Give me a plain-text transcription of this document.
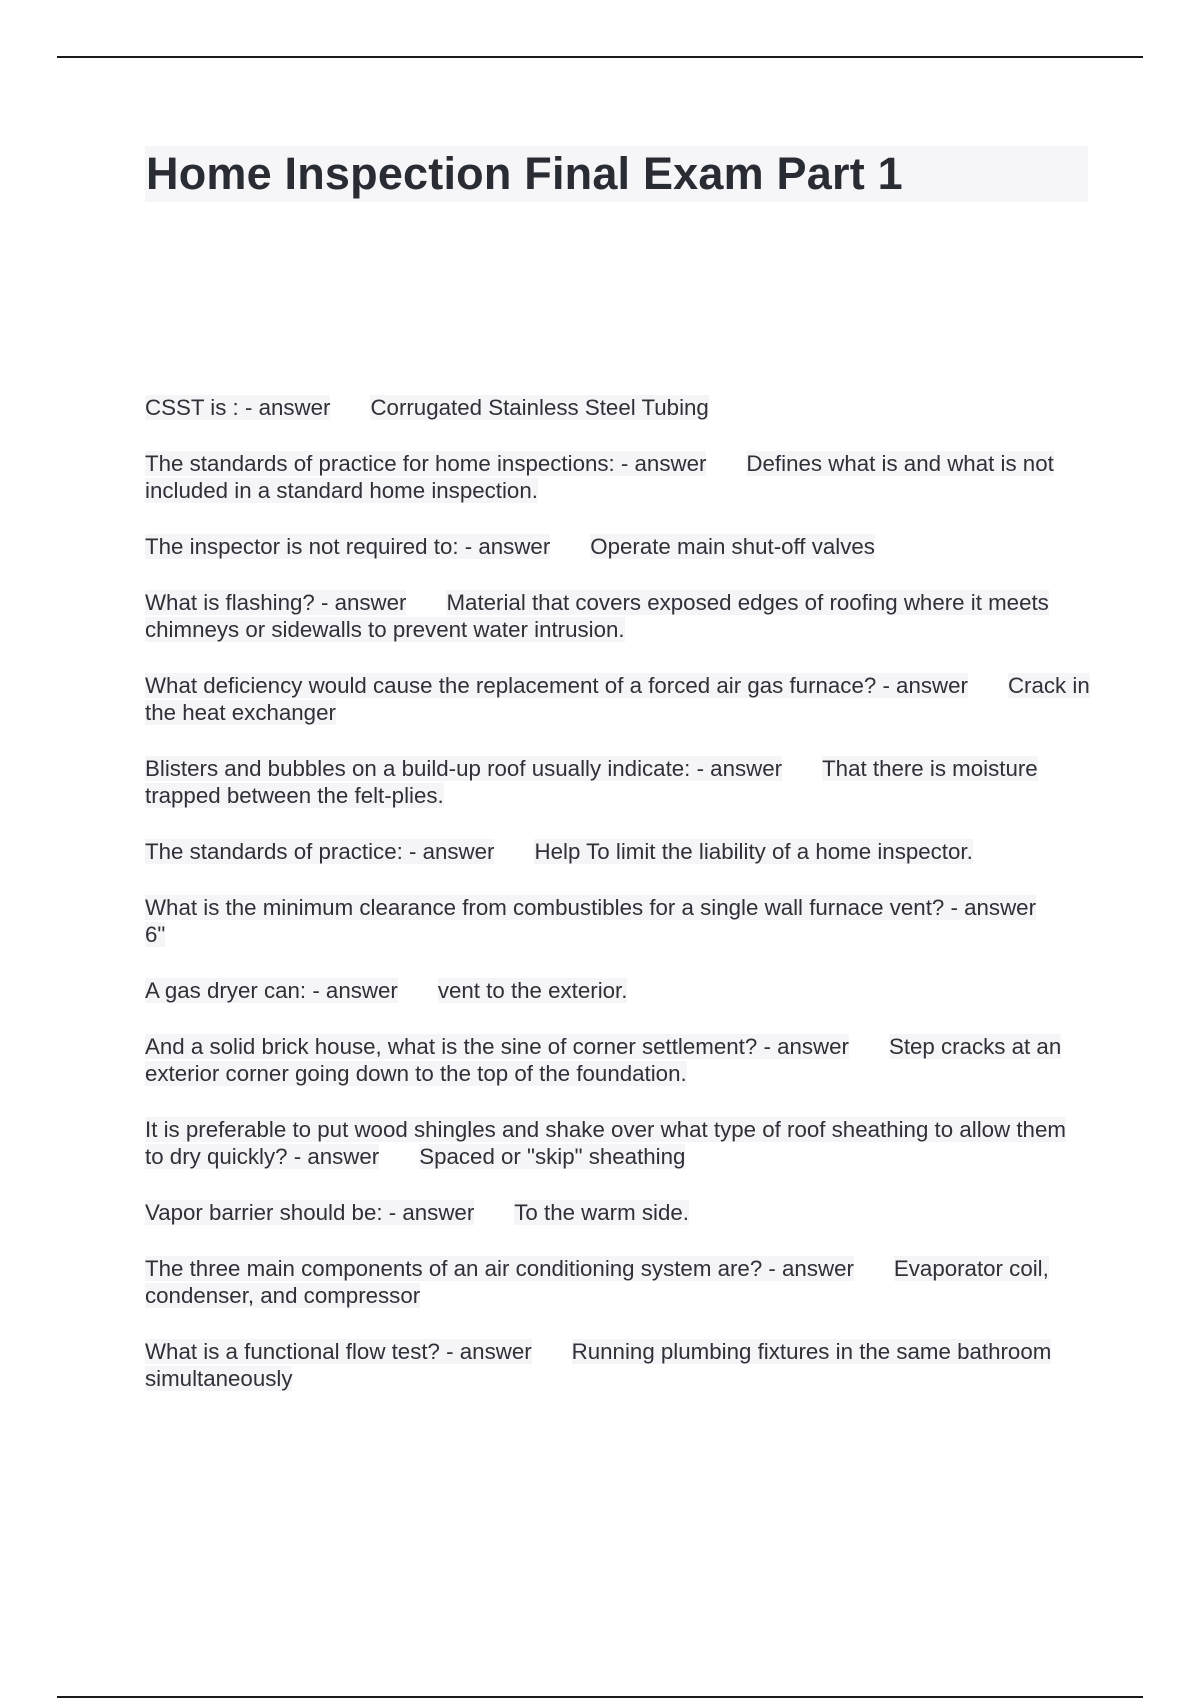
Home Inspection Final Exam Part 1
CSST is : - answer Corrugated Stainless Steel Tubing
The standards of practice for home inspections: - answer Defines what is and what is not included in a standard home inspection.
The inspector is not required to: - answer Operate main shut-off valves
What is flashing? - answer Material that covers exposed edges of roofing where it meets chimneys or sidewalls to prevent water intrusion.
What deficiency would cause the replacement of a forced air gas furnace? - answer Crack in the heat exchanger
Blisters and bubbles on a build-up roof usually indicate: - answer That there is moisture trapped between the felt-plies.
The standards of practice: - answer Help To limit the liability of a home inspector.
What is the minimum clearance from combustibles for a single wall furnace vent? - answer6"
A gas dryer can: - answer vent to the exterior.
And a solid brick house, what is the sine of corner settlement? - answer Step cracks at an exterior corner going down to the top of the foundation.
It is preferable to put wood shingles and shake over what type of roof sheathing to allow them to dry quickly? - answer Spaced or "skip" sheathing
Vapor barrier should be: - answer To the warm side.
The three main components of an air conditioning system are? - answer Evaporator coil, condenser, and compressor
What is a functional flow test? - answer Running plumbing fixtures in the same bathroom simultaneously
